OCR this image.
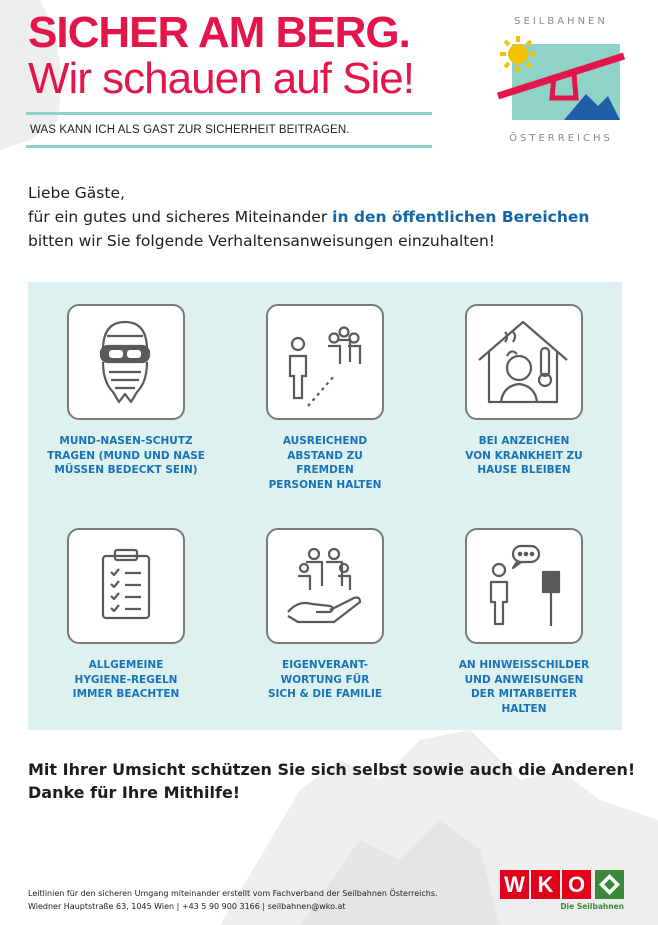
SICHER AM BERG.
Wir schauen auf Sie!
WAS KANN ICH ALS GAST ZUR SICHERHEIT BEITRAGEN.
SEILBAHNEN
ÖSTERREICHS
Liebe Gäste,
für ein gutes und sicheres Miteinander in den öffentlichen Bereichen
bitten wir Sie folgende Verhaltensanweisungen einzuhalten!
MUND-NASEN-SCHUTZ
TRAGEN (MUND UND NASE
MÜSSEN BEDECKT SEIN)
AUSREICHEND
ABSTAND ZU
FREMDEN
PERSONEN HALTEN
BEI ANZEICHEN
VON KRANKHEIT ZU
HAUSE BLEIBEN
ALLGEMEINE
HYGIENE-REGELN
IMMER BEACHTEN
EIGENVERANT-
WORTUNG FÜR
SICH & DIE FAMILIE
AN HINWEISSCHILDER
UND ANWEISUNGEN
DER MITARBEITER
HALTEN
Mit Ihrer Umsicht schützen Sie sich selbst sowie auch die Anderen!
Danke für Ihre Mithilfe!
Leitlinien für den sicheren Umgang miteinander erstellt vom Fachverband der Seilbahnen Österreichs.
Wiedner Hauptstraße 63, 1045 Wien | +43 5 90 900 3166 | seilbahnen@wko.at
W K O
Die Seilbahnen
